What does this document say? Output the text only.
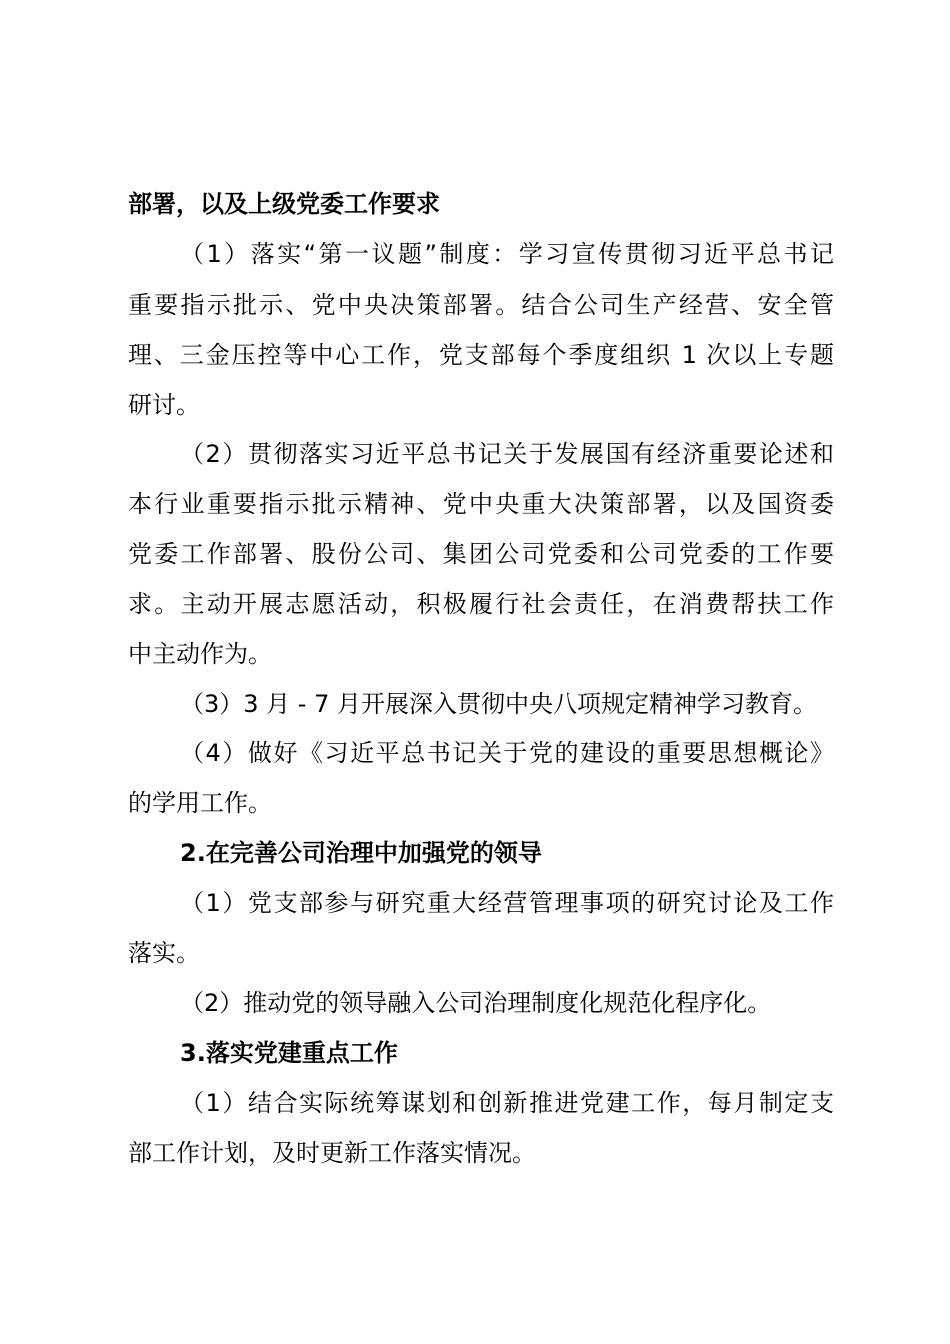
部署，以及上级党委工作要求
（1）落实“第一议题”制度：学习宣传贯彻习近平总书记
重要指示批示、党中央决策部署。结合公司生产经营、安全管
理、三金压控等中心工作，党支部每个季度组织 1 次以上专题
研讨。
（2）贯彻落实习近平总书记关于发展国有经济重要论述和
本行业重要指示批示精神、党中央重大决策部署，以及国资委
党委工作部署、股份公司、集团公司党委和公司党委的工作要
求。主动开展志愿活动，积极履行社会责任，在消费帮扶工作
中主动作为。
（3）3 月 - 7 月开展深入贯彻中央八项规定精神学习教育。
（4）做好《习近平总书记关于党的建设的重要思想概论》
的学用工作。
2.在完善公司治理中加强党的领导
（1）党支部参与研究重大经营管理事项的研究讨论及工作
落实。
（2）推动党的领导融入公司治理制度化规范化程序化。
3.落实党建重点工作
（1）结合实际统筹谋划和创新推进党建工作，每月制定支
部工作计划，及时更新工作落实情况。
